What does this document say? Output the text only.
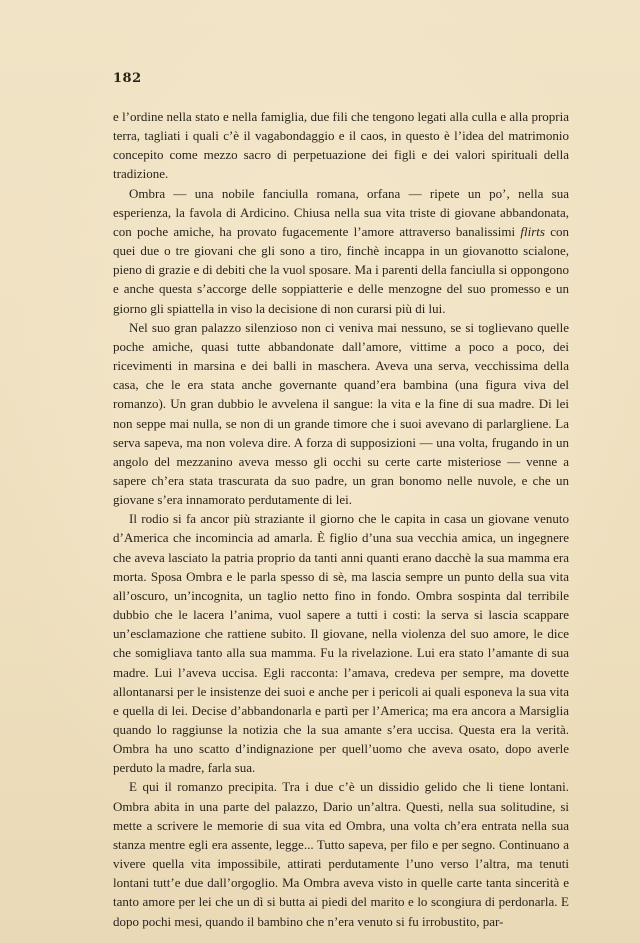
182

e l’ordine nella stato e nella famiglia, due fili che tengono legati alla culla e alla propria terra, tagliati i quali c’è il vagabondaggio e il caos, in questo è l’idea del matrimonio concepito come mezzo sacro di perpetuazione dei figli e dei valori spirituali della tradizione.

Ombra — una nobile fanciulla romana, orfana — ripete un po’, nella sua esperienza, la favola di Ardicino. Chiusa nella sua vita triste di giovane abbandonata, con poche amiche, ha provato fugacemente l’amore attraverso banalissimi flirts con quei due o tre giovani che gli sono a tiro, finchè incappa in un giovanotto scialone, pieno di grazie e di debiti che la vuol sposare. Ma i parenti della fanciulla si oppongono e anche questa s’accorge delle soppiatterie e delle menzogne del suo promesso e un giorno gli spiattella in viso la decisione di non curarsi più di lui.

Nel suo gran palazzo silenzioso non ci veniva mai nessuno, se si toglievano quelle poche amiche, quasi tutte abbandonate dall’amore, vittime a poco a poco, dei ricevimenti in marsina e dei balli in maschera. Aveva una serva, vecchissima della casa, che le era stata anche governante quand’era bambina (una figura viva del romanzo). Un gran dubbio le avvelena il sangue: la vita e la fine di sua madre. Di lei non seppe mai nulla, se non di un grande timore che i suoi avevano di parlargliene. La serva sapeva, ma non voleva dire. A forza di supposizioni — una volta, frugando in un angolo del mezzanino aveva messo gli occhi su certe carte misteriose — venne a sapere ch’era stata trascurata da suo padre, un gran bonomo nelle nuvole, e che un giovane s’era innamorato perdutamente di lei.

Il rodio si fa ancor più straziante il giorno che le capita in casa un giovane venuto d’America che incomincia ad amarla. È figlio d’una sua vecchia amica, un ingegnere che aveva lasciato la patria proprio da tanti anni quanti erano dacchè la sua mamma era morta. Sposa Ombra e le parla spesso di sè, ma lascia sempre un punto della sua vita all’oscuro, un’incognita, un taglio netto fino in fondo. Ombra sospinta dal terribile dubbio che le lacera l’anima, vuol sapere a tutti i costi: la serva si lascia scappare un’esclamazione che rattiene subito. Il giovane, nella violenza del suo amore, le dice che somigliava tanto alla sua mamma. Fu la rivelazione. Lui era stato l’amante di sua madre. Lui l’aveva uccisa. Egli racconta: l’amava, credeva per sempre, ma dovette allontanarsi per le insistenze dei suoi e anche per i pericoli ai quali esponeva la sua vita e quella di lei. Decise d’abbandonarla e partì per l’America; ma era ancora a Marsiglia quando lo raggiunse la notizia che la sua amante s’era uccisa. Questa era la verità. Ombra ha uno scatto d’indignazione per quell’uomo che aveva osato, dopo averle perduto la madre, farla sua.

E qui il romanzo precipita. Tra i due c’è un dissidio gelido che li tiene lontani. Ombra abita in una parte del palazzo, Dario un’altra. Questi, nella sua solitudine, si mette a scrivere le memorie di sua vita ed Ombra, una volta ch’era entrata nella sua stanza mentre egli era assente, legge... Tutto sapeva, per filo e per segno. Continuano a vivere quella vita impossibile, attirati perdutamente l’uno verso l’altra, ma tenuti lontani tutt’e due dall’orgoglio. Ma Ombra aveva visto in quelle carte tanta sincerità e tanto amore per lei che un dì si butta ai piedi del marito e lo scongiura di perdonarla. E dopo pochi mesi, quando il bambino che n’era venuto si fu irrobustito, par-
